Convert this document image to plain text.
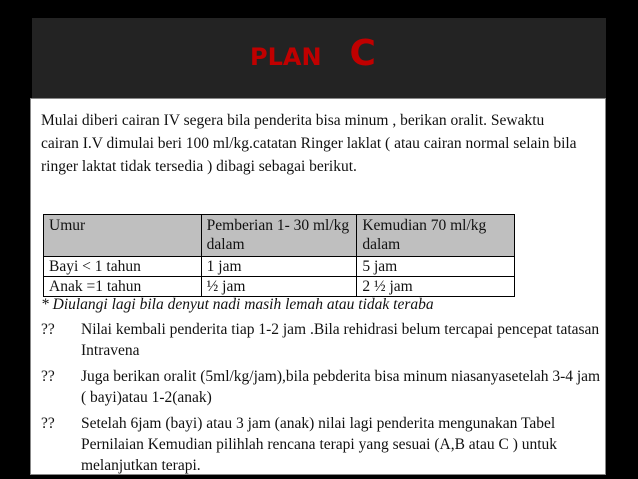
PLAN C

Mulai diberi cairan IV segera bila penderita bisa minum , berikan oralit. Sewaktu cairan I.V dimulai beri 100 ml/kg.catatan Ringer laklat ( atau cairan normal selain bila ringer laktat tidak tersedia ) dibagi sebagai berikut.

Umur	Pemberian 1- 30 ml/kg dalam	Kemudian 70 ml/kg dalam
Bayi < 1 tahun	1 jam	5 jam
Anak =1 tahun	½ jam	2 ½ jam

* Diulangi lagi bila denyut nadi masih lemah atau tidak teraba

?? Nilai kembali penderita tiap 1-2 jam .Bila rehidrasi belum tercapai pencepat tatasan Intravena
?? Juga berikan oralit (5ml/kg/jam),bila pebderita bisa minum niasanyasetelah 3-4 jam ( bayi)atau 1-2(anak)
?? Setelah 6jam (bayi) atau 3 jam (anak) nilai lagi penderita mengunakan Tabel Pernilaian Kemudian pilihlah rencana terapi yang sesuai (A,B atau C ) untuk melanjutkan terapi.
